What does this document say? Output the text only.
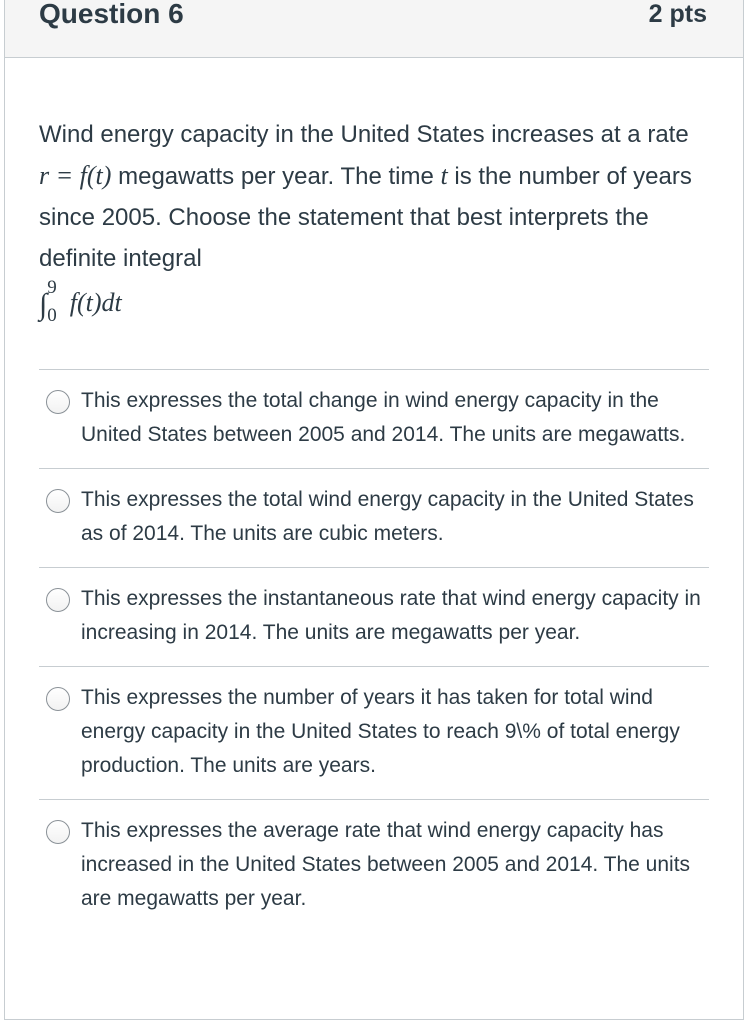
Question 6	2 pts
Wind energy capacity in the United States increases at a rate r = f(t) megawatts per year. The time t is the number of years since 2005. Choose the statement that best interprets the definite integral
∫
9
0 f(t)dt
This expresses the total change in wind energy capacity in the United States between 2005 and 2014. The units are megawatts.
This expresses the total wind energy capacity in the United States as of 2014. The units are cubic meters.
This expresses the instantaneous rate that wind energy capacity in increasing in 2014. The units are megawatts per year.
This expresses the number of years it has taken for total wind energy capacity in the United States to reach 9\% of total energy production. The units are years.
This expresses the average rate that wind energy capacity has increased in the United States between 2005 and 2014. The units are megawatts per year.
